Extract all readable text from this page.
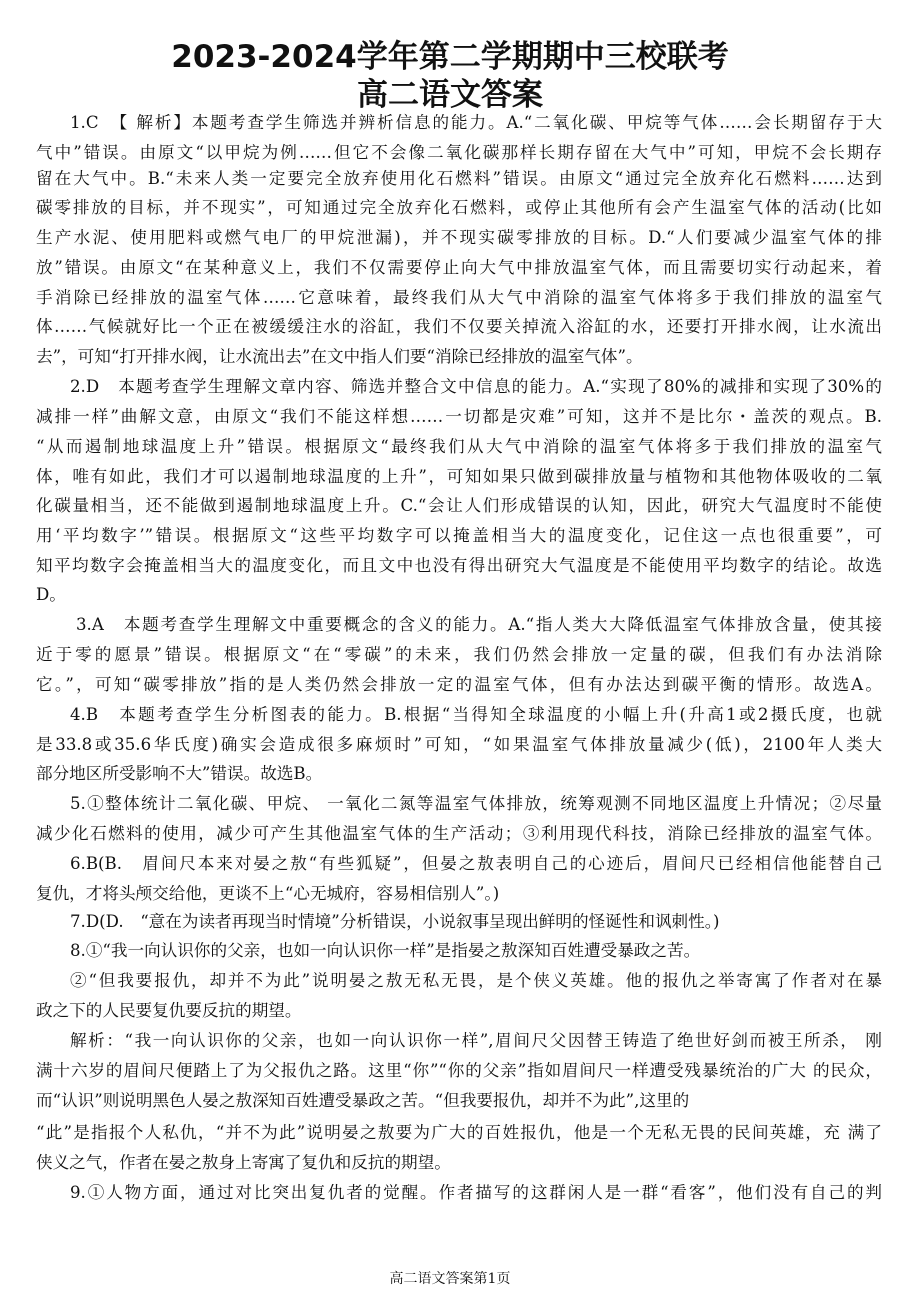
2023-2024学年第二学期期中三校联考
高二语文答案
1.C　【 解析】本题考查学生筛选并辨析信息的能力。A.“二氧化碳、甲烷等气体……会长期留存于大
气中”错误。由原文“以甲烷为例……但它不会像二氧化碳那样长期存留在大气中”可知，甲烷不会长期存
留在大气中。B.“未来人类一定要完全放弃使用化石燃料”错误。由原文“通过完全放弃化石燃料……达到
碳零排放的目标，并不现实”，可知通过完全放弃化石燃料，或停止其他所有会产生温室气体的活动(比如
生产水泥、使用肥料或燃气电厂的甲烷泄漏)，并不现实碳零排放的目标。D.“人们要减少温室气体的排
放”错误。由原文“在某种意义上，我们不仅需要停止向大气中排放温室气体，而且需要切实行动起来，着
手消除已经排放的温室气体……它意味着，最终我们从大气中消除的温室气体将多于我们排放的温室气
体……气候就好比一个正在被缓缓注水的浴缸，我们不仅要关掉流入浴缸的水，还要打开排水阀，让水流出
去”，可知“打开排水阀，让水流出去”在文中指人们要“消除已经排放的温室气体”。
2.D　本题考查学生理解文章内容、筛选并整合文中信息的能力。A.“实现了80%的减排和实现了30%的
减排一样”曲解文意，由原文“我们不能这样想……一切都是灾难”可知，这并不是比尔・盖茨的观点。B.
“从而遏制地球温度上升”错误。根据原文“最终我们从大气中消除的温室气体将多于我们排放的温室气
体，唯有如此，我们才可以遏制地球温度的上升”，可知如果只做到碳排放量与植物和其他物体吸收的二氧
化碳量相当，还不能做到遏制地球温度上升。C.“会让人们形成错误的认知，因此，研究大气温度时不能使
用‘平均数字’”错误。根据原文“这些平均数字可以掩盖相当大的温度变化，记住这一点也很重要”，可
知平均数字会掩盖相当大的温度变化，而且文中也没有得出研究大气温度是不能使用平均数字的结论。故选
D。
3.A　本题考查学生理解文中重要概念的含义的能力。A.“指人类大大降低温室气体排放含量，使其接
近于零的愿景”错误。根据原文“在“零碳”的未来，我们仍然会排放一定量的碳，但我们有办法消除
它。”，可知“碳零排放”指的是人类仍然会排放一定的温室气体，但有办法达到碳平衡的情形。故选A。
4.B　本题考查学生分析图表的能力。B.根据“当得知全球温度的小幅上升(升高1或2摄氏度，也就
是33.8或35.6华氏度)确实会造成很多麻烦时”可知，“如果温室气体排放量减少(低)，2100年人类大
部分地区所受影响不大”错误。故选B。
5.①整体统计二氧化碳、甲烷、 一氧化二氮等温室气体排放，统筹观测不同地区温度上升情况；②尽量
减少化石燃料的使用，减少可产生其他温室气体的生产活动；③利用现代科技，消除已经排放的温室气体。
6.B(B.　眉间尺本来对晏之敖“有些狐疑”，但晏之敖表明自己的心迹后，眉间尺已经相信他能替自己
复仇，才将头颅交给他，更谈不上“心无城府，容易相信别人”。)
7.D(D.　“意在为读者再现当时情境”分析错误，小说叙事呈现出鲜明的怪诞性和讽刺性。)
8.①“我一向认识你的父亲，也如一向认识你一样”是指晏之敖深知百姓遭受暴政之苦。
②“但我要报仇，却并不为此”说明晏之敖无私无畏，是个侠义英雄。他的报仇之举寄寓了作者对在暴
政之下的人民要复仇要反抗的期望。
解析：“我一向认识你的父亲，也如一向认识你一样”,眉间尺父因替王铸造了绝世好剑而被王所杀， 刚
满十六岁的眉间尺便踏上了为父报仇之路。这里“你”“你的父亲”指如眉间尺一样遭受残暴统治的广大 的民众，
而“认识”则说明黑色人晏之敖深知百姓遭受暴政之苦。“但我要报仇，却并不为此”,这里的
“此”是指报个人私仇，“并不为此”说明晏之敖要为广大的百姓报仇，他是一个无私无畏的民间英雄，充 满了
侠义之气，作者在晏之敖身上寄寓了复仇和反抗的期望。
9.①人物方面，通过对比突出复仇者的觉醒。作者描写的这群闲人是一群“看客”，他们没有自己的判
高二语文答案第1页
